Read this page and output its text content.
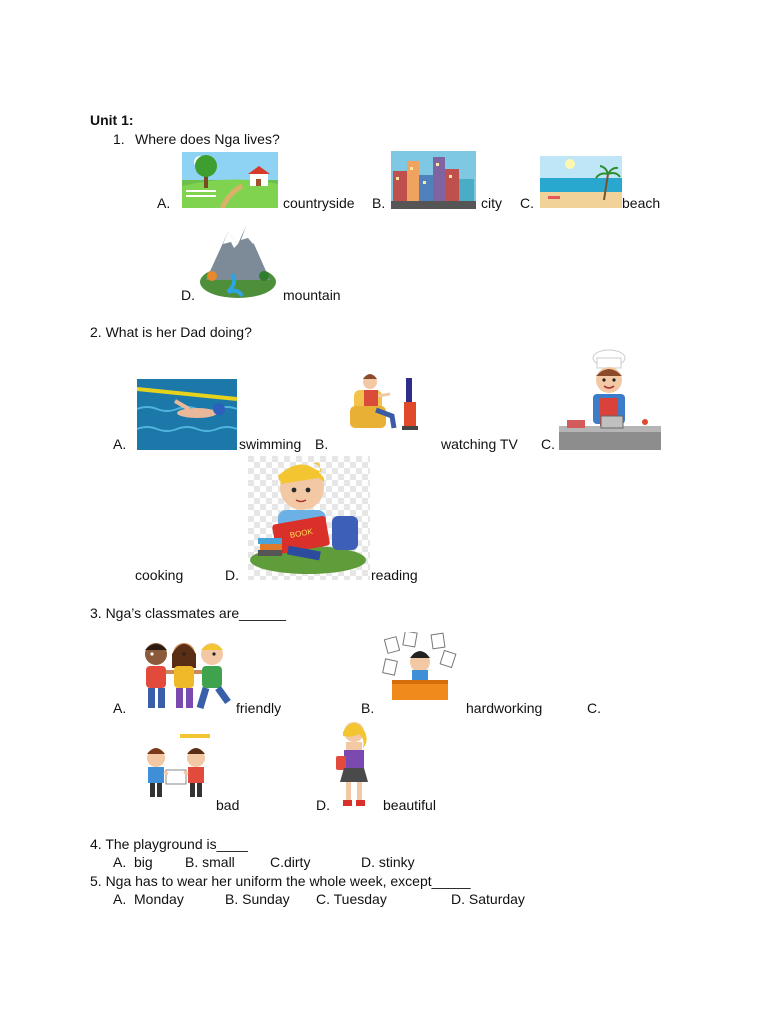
Unit 1:
1. Where does Nga lives?
A.	countryside B.	city C.	beach
D.	mountain
2. What is her Dad doing?
A.	swimming B.	watching TV C.
cooking	D.
BOOK
reading
3. Nga’s classmates are______
A.	friendly	B.	hardworking	C.
bad	D.	beautiful
4. The playground is____
A.  big B. small	C.dirty	D. stinky
5. Nga has to wear her uniform the whole week, except_____
A.  Monday	B. Sunday C. Tuesday	D. Saturday
